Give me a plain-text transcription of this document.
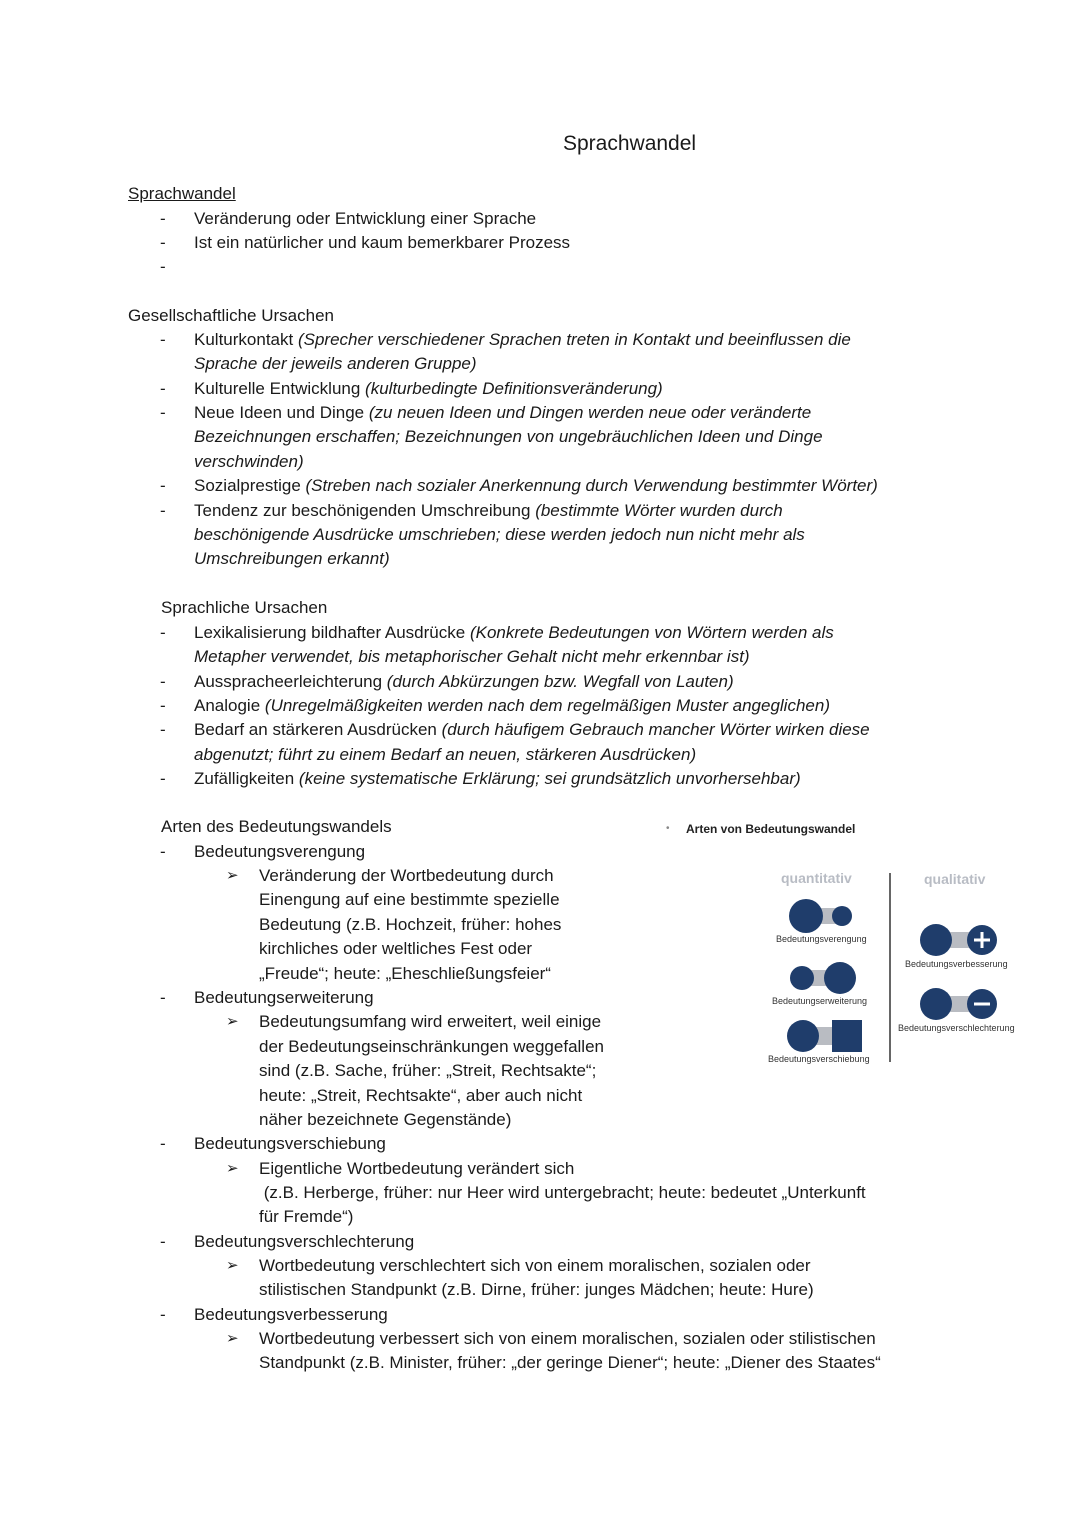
Sprachwandel
Sprachwandel
- Veränderung oder Entwicklung einer Sprache
- Ist ein natürlicher und kaum bemerkbarer Prozess
-
Gesellschaftliche Ursachen
- Kulturkontakt (Sprecher verschiedener Sprachen treten in Kontakt und beeinflussen die
Sprache der jeweils anderen Gruppe)
- Kulturelle Entwicklung (kulturbedingte Definitionsveränderung)
- Neue Ideen und Dinge (zu neuen Ideen und Dingen werden neue oder veränderte
Bezeichnungen erschaffen; Bezeichnungen von ungebräuchlichen Ideen und Dinge
verschwinden)
- Sozialprestige (Streben nach sozialer Anerkennung durch Verwendung bestimmter Wörter)
- Tendenz zur beschönigenden Umschreibung (bestimmte Wörter wurden durch
beschönigende Ausdrücke umschrieben; diese werden jedoch nun nicht mehr als
Umschreibungen erkannt)
Sprachliche Ursachen
- Lexikalisierung bildhafter Ausdrücke (Konkrete Bedeutungen von Wörtern werden als
Metapher verwendet, bis metaphorischer Gehalt nicht mehr erkennbar ist)
- Ausspracheerleichterung (durch Abkürzungen bzw. Wegfall von Lauten)
- Analogie (Unregelmäßigkeiten werden nach dem regelmäßigen Muster angeglichen)
- Bedarf an stärkeren Ausdrücken (durch häufigem Gebrauch mancher Wörter wirken diese
abgenutzt; führt zu einem Bedarf an neuen, stärkeren Ausdrücken)
- Zufälligkeiten (keine systematische Erklärung; sei grundsätzlich unvorhersehbar)
Arten des Bedeutungswandels
- Bedeutungsverengung
➢ Veränderung der Wortbedeutung durch
Einengung auf eine bestimmte spezielle
Bedeutung (z.B. Hochzeit, früher: hohes
kirchliches oder weltliches Fest oder
„Freude“; heute: „Eheschließungsfeier“
- Bedeutungserweiterung
➢ Bedeutungsumfang wird erweitert, weil einige
der Bedeutungseinschränkungen weggefallen
sind (z.B. Sache, früher: „Streit, Rechtsakte“;
heute: „Streit, Rechtsakte“, aber auch nicht
näher bezeichnete Gegenstände)
- Bedeutungsverschiebung
➢ Eigentliche Wortbedeutung verändert sich
(z.B. Herberge, früher: nur Heer wird untergebracht; heute: bedeutet „Unterkunft
für Fremde“)
- Bedeutungsverschlechterung
➢ Wortbedeutung verschlechtert sich von einem moralischen, sozialen oder
stilistischen Standpunkt (z.B. Dirne, früher: junges Mädchen; heute: Hure)
- Bedeutungsverbesserung
➢ Wortbedeutung verbessert sich von einem moralischen, sozialen oder stilistischen
Standpunkt (z.B. Minister, früher: „der geringe Diener“; heute: „Diener des Staates“
• Arten von Bedeutungswandel
quantitativ	qualitativ
Bedeutungsverengung
Bedeutungserweiterung
Bedeutungsverschiebung
Bedeutungsverbesserung
Bedeutungsverschlechterung
